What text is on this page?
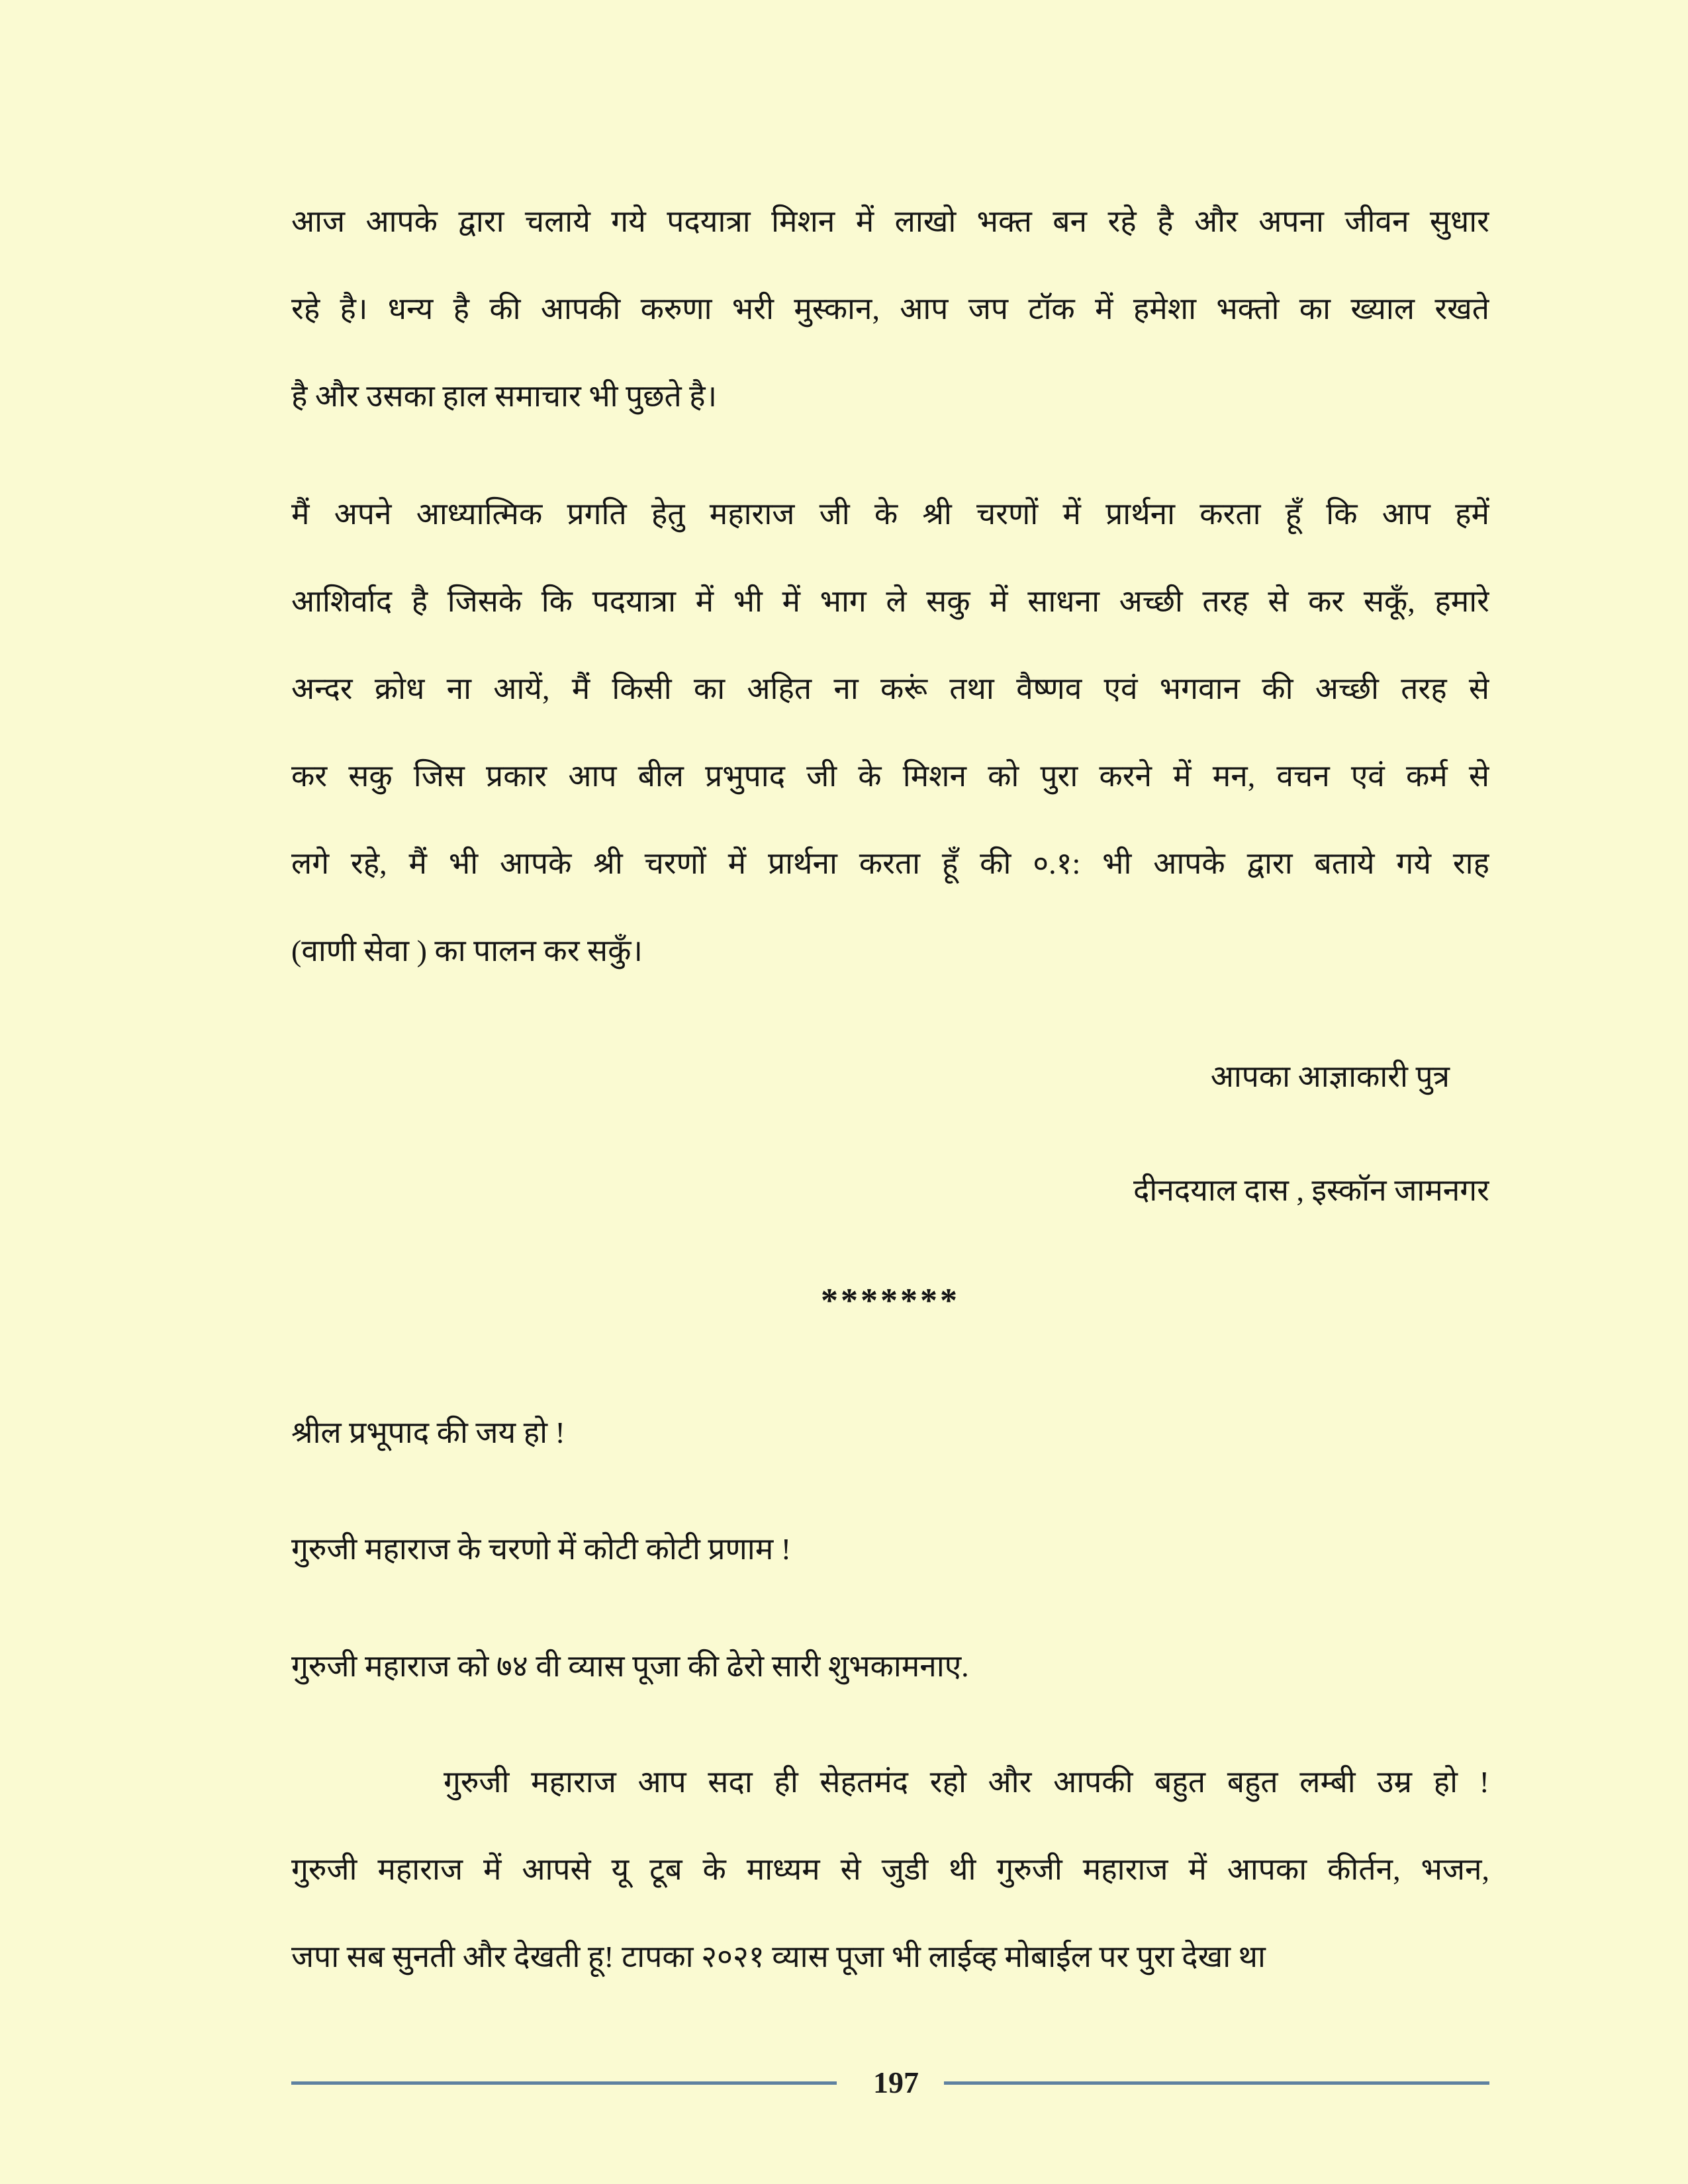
आज आपके द्वारा चलाये गये पदयात्रा मिशन में लाखो भक्त बन रहे है और अपना जीवन सुधार
रहे है। धन्य है की आपकी करुणा भरी मुस्कान, आप जप टॉक में हमेशा भक्तो का ख्याल रखते
है और उसका हाल समाचार भी पुछते है।
मैं अपने आध्यात्मिक प्रगति हेतु महाराज जी के श्री चरणों में प्रार्थना करता हूँ कि आप हमें
आशिर्वाद है जिसके कि पदयात्रा में भी में भाग ले सकु में साधना अच्छी तरह से कर सकूँ, हमारे
अन्दर क्रोध ना आयें, मैं किसी का अहित ना करूं तथा वैष्णव एवं भगवान की अच्छी तरह से
कर सकु जिस प्रकार आप बील प्रभुपाद जी के मिशन को पुरा करने में मन, वचन एवं कर्म से
लगे रहे, मैं भी आपके श्री चरणों में प्रार्थना करता हूँ की ०.१: भी आपके द्वारा बताये गये राह
(वाणी सेवा ) का पालन कर सकुँ।
आपका आज्ञाकारी पुत्र
दीनदयाल दास , इस्कॉन जामनगर
*******
श्रील प्रभूपाद की जय हो !
गुरुजी महाराज के चरणो में कोटी कोटी प्रणाम !
गुरुजी महाराज को ७४ वी व्यास पूजा की ढेरो सारी शुभकामनाए.
गुरुजी महाराज आप सदा ही सेहतमंद रहो और आपकी बहुत बहुत लम्बी उम्र हो !
गुरुजी महाराज में आपसे यू टूब के माध्यम से जुडी थी गुरुजी महाराज में आपका कीर्तन, भजन,
जपा सब सुनती और देखती हू! टापका २०२१ व्यास पूजा भी लाईव्ह मोबाईल पर पुरा देखा था
197
